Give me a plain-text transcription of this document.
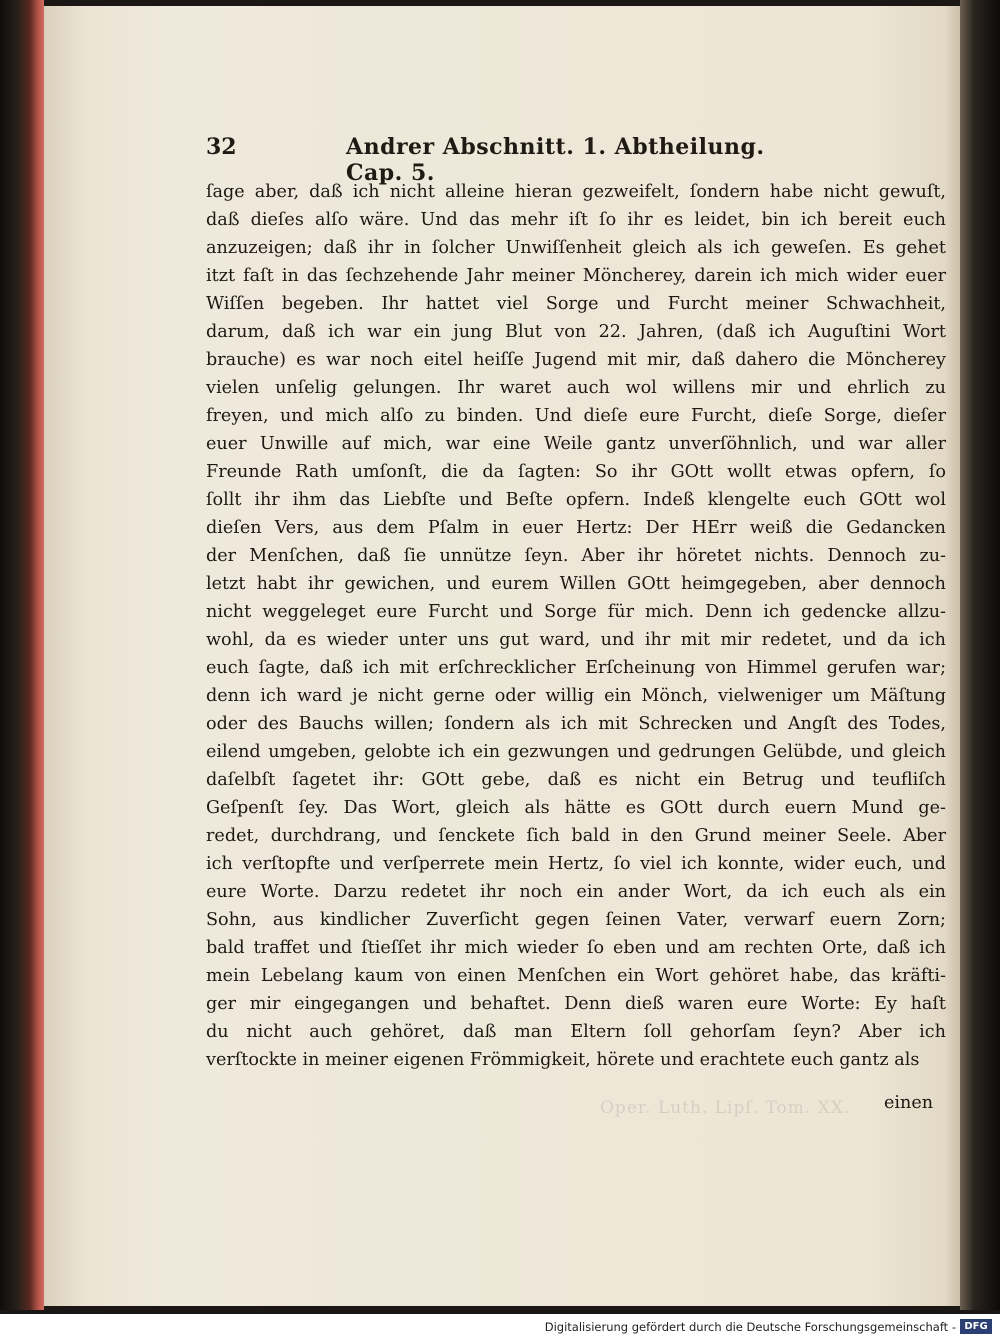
32	Andrer Abschnitt. 1. Abtheilung. Cap. 5.
ſage aber, daß ich nicht alleine hieran gezweifelt, ſondern habe nicht gewuſt,
daß dieſes alſo wäre. Und das mehr iſt ſo ihr es leidet, bin ich bereit euch
anzuzeigen; daß ihr in ſolcher Unwiſſenheit gleich als ich geweſen. Es gehet
itzt faſt in das ſechzehende Jahr meiner Möncherey, darein ich mich wider euer
Wiſſen begeben. Ihr hattet viel Sorge und Furcht meiner Schwachheit,
darum, daß ich war ein jung Blut von 22. Jahren, (daß ich Auguſtini Wort
brauche) es war noch eitel heiſſe Jugend mit mir, daß dahero die Möncherey
vielen unſelig gelungen. Ihr waret auch wol willens mir und ehrlich zu
freyen, und mich alſo zu binden. Und dieſe eure Furcht, dieſe Sorge, dieſer
euer Unwille auf mich, war eine Weile gantz unverſöhnlich, und war aller
Freunde Rath umſonſt, die da ſagten: So ihr GOtt wollt etwas opfern, ſo
ſollt ihr ihm das Liebſte und Beſte opfern. Indeß klengelte euch GOtt wol
dieſen Vers, aus dem Pſalm in euer Hertz: Der HErr weiß die Gedancken
der Menſchen, daß ſie unnütze ſeyn. Aber ihr höretet nichts. Dennoch zu-
letzt habt ihr gewichen, und eurem Willen GOtt heimgegeben, aber dennoch
nicht weggeleget eure Furcht und Sorge für mich. Denn ich gedencke allzu-
wohl, da es wieder unter uns gut ward, und ihr mit mir redetet, und da ich
euch ſagte, daß ich mit erſchrecklicher Erſcheinung von Himmel gerufen war;
denn ich ward je nicht gerne oder willig ein Mönch, vielweniger um Mäſtung
oder des Bauchs willen; ſondern als ich mit Schrecken und Angſt des Todes,
eilend umgeben, gelobte ich ein gezwungen und gedrungen Gelübde, und gleich
daſelbſt ſagetet ihr: GOtt gebe, daß es nicht ein Betrug und teufliſch
Geſpenſt ſey. Das Wort, gleich als hätte es GOtt durch euern Mund ge-
redet, durchdrang, und ſenckete ſich bald in den Grund meiner Seele. Aber
ich verſtopfte und verſperrete mein Hertz, ſo viel ich konnte, wider euch, und
eure Worte. Darzu redetet ihr noch ein ander Wort, da ich euch als ein
Sohn, aus kindlicher Zuverſicht gegen ſeinen Vater, verwarf euern Zorn;
bald traffet und ſtieſſet ihr mich wieder ſo eben und am rechten Orte, daß ich
mein Lebelang kaum von einen Menſchen ein Wort gehöret habe, das kräfti-
ger mir eingegangen und behaftet. Denn dieß waren eure Worte: Ey haſt
du nicht auch gehöret, daß man Eltern ſoll gehorſam ſeyn? Aber ich
verſtockte in meiner eigenen Frömmigkeit, hörete und erachtete euch gantz als
Oper. Luth. Lipſ. Tom. XX. einen
Digitalisierung gefördert durch die Deutsche Forschungsgemeinschaft - DFG
